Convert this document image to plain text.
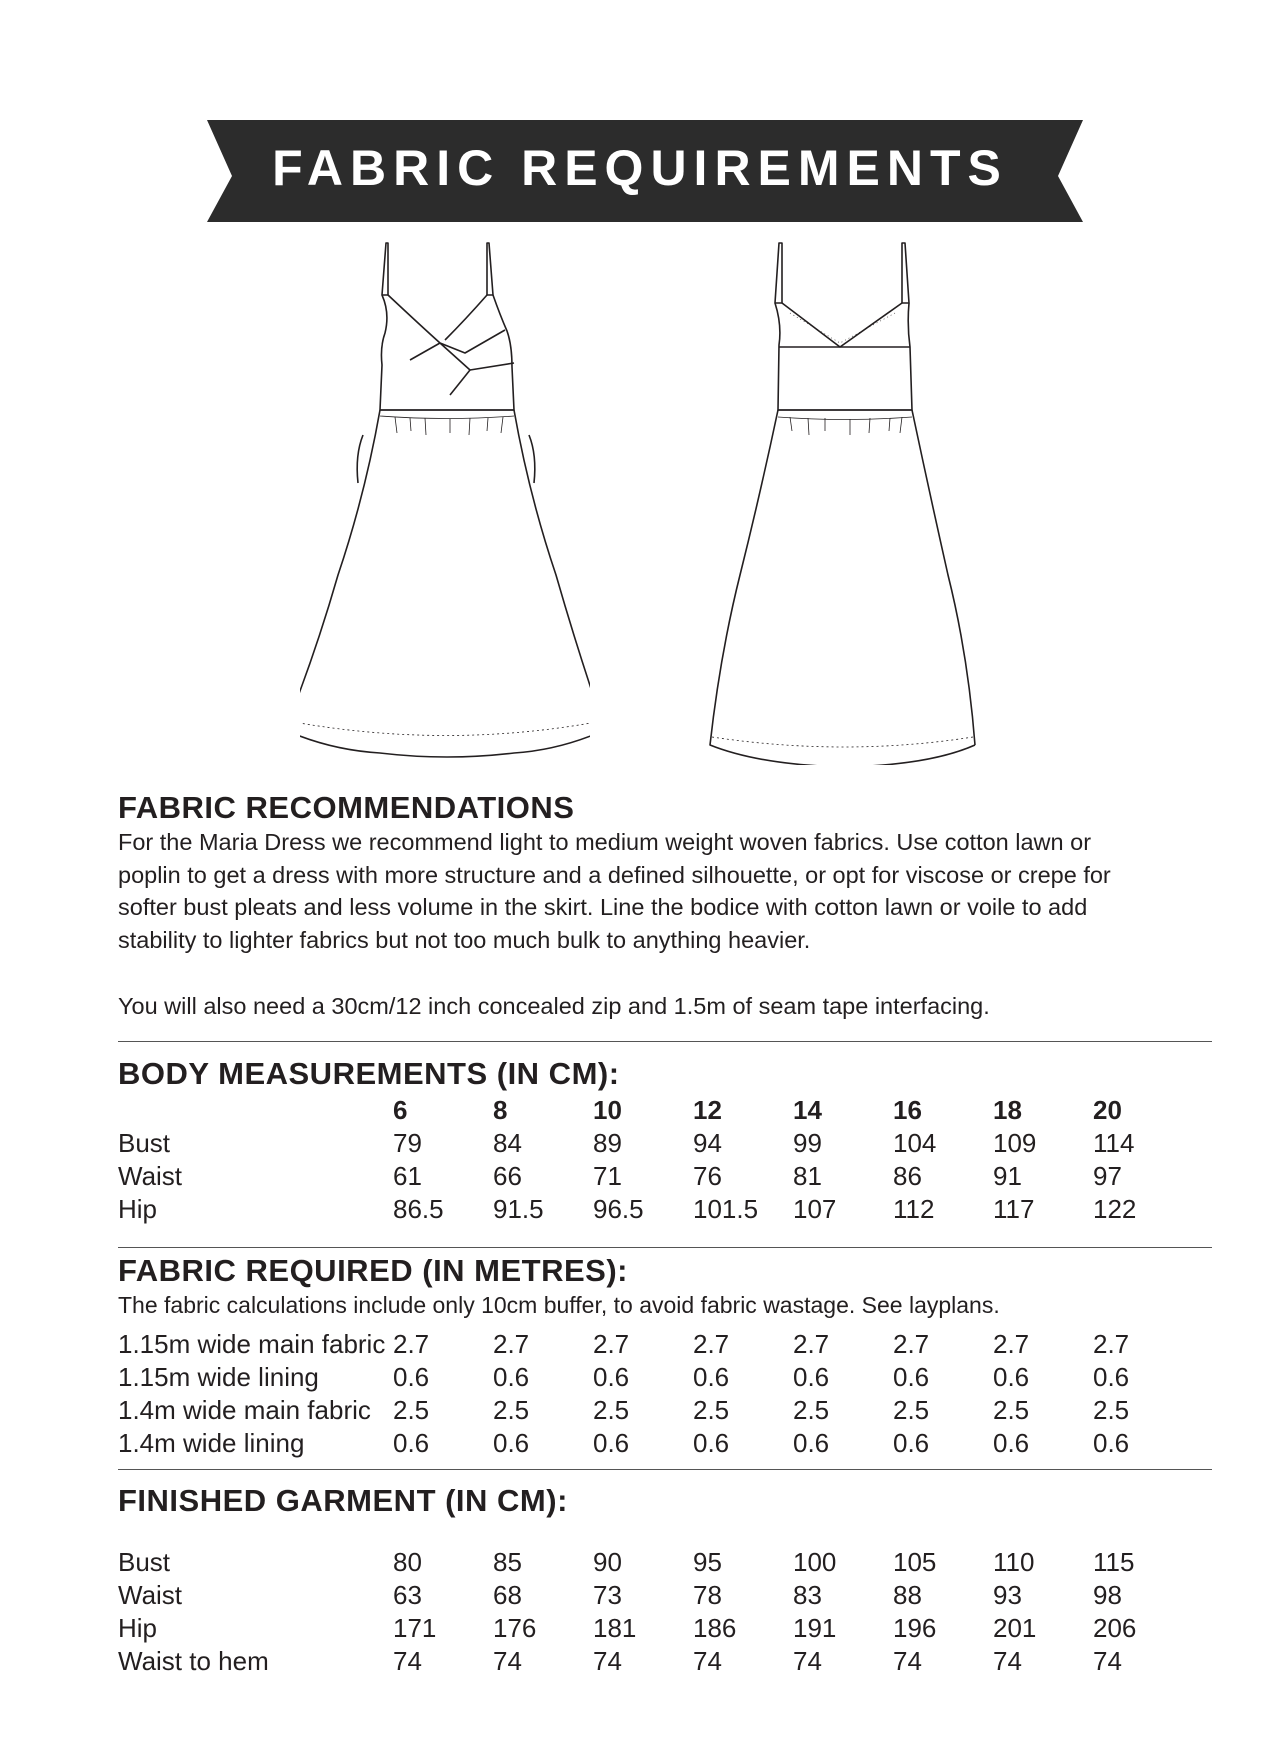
FABRIC REQUIREMENTS
FABRIC RECOMMENDATIONS
For the Maria Dress we recommend light to medium weight woven fabrics. Use cotton lawn or
poplin to get a dress with more structure and a defined silhouette, or opt for viscose or crepe for
softer bust pleats and less volume in the skirt. Line the bodice with cotton lawn or voile to add
stability to lighter fabrics but not too much bulk to anything heavier.
You will also need a 30cm/12 inch concealed zip and 1.5m of seam tape interfacing.
BODY MEASUREMENTS (IN CM):
	6	8	10	12	14	16	18	20
Bust	79	84	89	94	99	104	109	114
Waist	61	66	71	76	81	86	91	97
Hip	86.5	91.5	96.5	101.5	107	112	117	122
FABRIC REQUIRED (IN METRES):
The fabric calculations include only 10cm buffer, to avoid fabric wastage. See layplans.
1.15m wide main fabric	2.7	2.7	2.7	2.7	2.7	2.7	2.7	2.7
1.15m wide lining	0.6	0.6	0.6	0.6	0.6	0.6	0.6	0.6
1.4m wide main fabric	2.5	2.5	2.5	2.5	2.5	2.5	2.5	2.5
1.4m wide lining	0.6	0.6	0.6	0.6	0.6	0.6	0.6	0.6
FINISHED GARMENT (IN CM):
Bust	80	85	90	95	100	105	110	115
Waist	63	68	73	78	83	88	93	98
Hip	171	176	181	186	191	196	201	206
Waist to hem	74	74	74	74	74	74	74	74
